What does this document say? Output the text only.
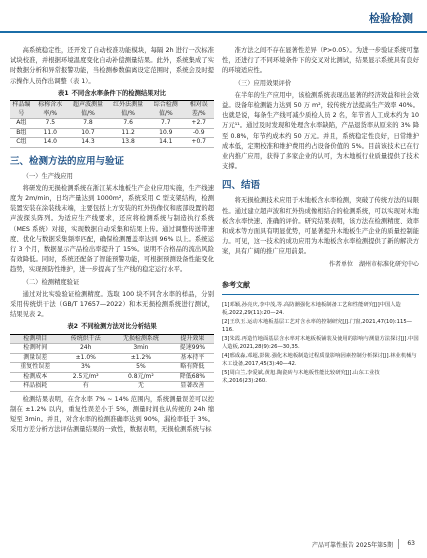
检验检测

高系统稳定性，还开发了自动校准功能模块，每隔 2h 进行一次标准试块校准，并根据环境温度变化自动补偿测量结果。此外，系统集成了实时数据分析和异常报警功能，当检测参数偏离设定范围时，系统会及时提示操作人员作出调整（表 1）。

表1 不同含水率条件下的检测结果对比
样品编号	标称含水率/%	超声波测量值/%	红外法测量值/%	综合检测值/%	相对误差/%
A组	7.5	7.8	7.6	7.7	+2.7
B组	11.0	10.7	11.2	10.9	-0.9
C组	14.0	14.3	13.8	14.1	+0.7
三、检测方法的应用与验证
（一）生产线应用

将研发的无损检测系统在浙江某木地板生产企业应用实施，生产线速度为 2m/min，日均产量达到 1000m²，系统采用 C 型支架结构，检测装置安装在涂装线末端，主要包括上方安装的红外热像仪和底部设置的超声波探头阵列。为适应生产线要求，还应将检测系统与制造执行系统（MES 系统）对接，实现数据自动采集和结果上传。通过调整传送带速度、优化与数据采集频率匹配，确保检测覆盖率达到 96% 以上。系统运行 3 个月，数据显示产品检出率提升了 15%。说明不合格品的流出风险有效降低。同时，系统还配备了智能预警功能，可根据预测设备性能变化趋势，实现预防性维护，进一步提高了生产线的稳定运行水平。

（二）检测精度验证

通过对比实验验证检测精度。选取 100 块不同含水率的样品，分别采用传统烘干法（GB/T 17657—2022）和本无损检测系统进行测试，结果见表 2。

表2 不同检测方法对比分析结果
检测项目	传统烘干法	无损检测系统	提升效果
检测时间	24h	3min	提速99%
测量误差	±1.0%	±1.2%	基本持平
重复性误差	3%	5%	略有降低
检测成本	2.5元/m²	0.8元/m²	降低68%
样品损耗	有	无	显著改善

检测结果表明，在含水率 7% ~ 14% 范围内，系统测量误差可以控制在 ±1.2% 以内，重复性误差小于 5%，测量时间也从传统的 24h 缩短至 3min。并且，对含水率的检测准确率达到 90%，漏检率低于 3%。采用方差分析方法评估测量结果的一致性，数据表明，无损检测系统与标

准方法之间不存在显著性差异（P>0.05）。为进一步验证系统可靠性，还进行了不同环境条件下的交叉对比测试，结果显示系统具有良好的环境适应性。

（三）应用效果评价

在半年的生产应用中，该检测系统表现出显著的经济效益和社会效益。设备年检测能力达到 50 万 m²，较传统方法提高生产效率 40%。也就是说，每条生产线可减少质检人员 2 名，年节省人工成本约为 10 万元¹¹。通过及时发现和处理含水率缺陷，产品退货率从原来的 3% 降至 0.8%，年节约成本约 50 万元。并且，系统稳定性良好，日常维护成本低，定期校准和维护费用约占设备价值的 5%。目前该技术已在行业内推广应用，获得了多家企业的认可，为木地板行业质量提供了技术支撑。

四、结语

将无损检测技术应用于木地板含水率检测，突破了传统方法的局限性。通过建立超声波和红外热成像相结合的检测系统，可以实现对木地板含水率快速、准确的评价。研究结果表明，该方法在检测精度、效率和成本等方面具有明显优势，可显著提升木地板生产企业的质量控制能力。可见，这一技术的成功应用为木地板含水率检测提供了新的解决方案，具有广阔的推广应用前景。

作者单位　湖州市标准化研究中心
参考文献
[1]邓颖,孙亮庆,李中茂,等.高防潮强化木地板制备工艺和性能研究[J]中国人造板,2022,29(11):20—24.
[2]王玖玉.运动木地板基层工艺对含水率的控制研究[J].门窗,2021,47(10):115—116.
[3]朱霞.再造竹地面基层含水率对木地板板铺装及使用的影响与测量方法探讨[J].中国人造板,2021,28(9):26—30,35.
[4]邢成淼,邓超,彭陵.强化木地板制造过程质量影响因素控制分析探讨[J].林业机械与木工设备,2017,45(3):40—42.
[5]周白兰,李爱斌,黄旭.陶瓷砖与木地板性能比较研究[J].山东工业技术,2016(23):260.
产品可靠性报告 2025年第5期 63
